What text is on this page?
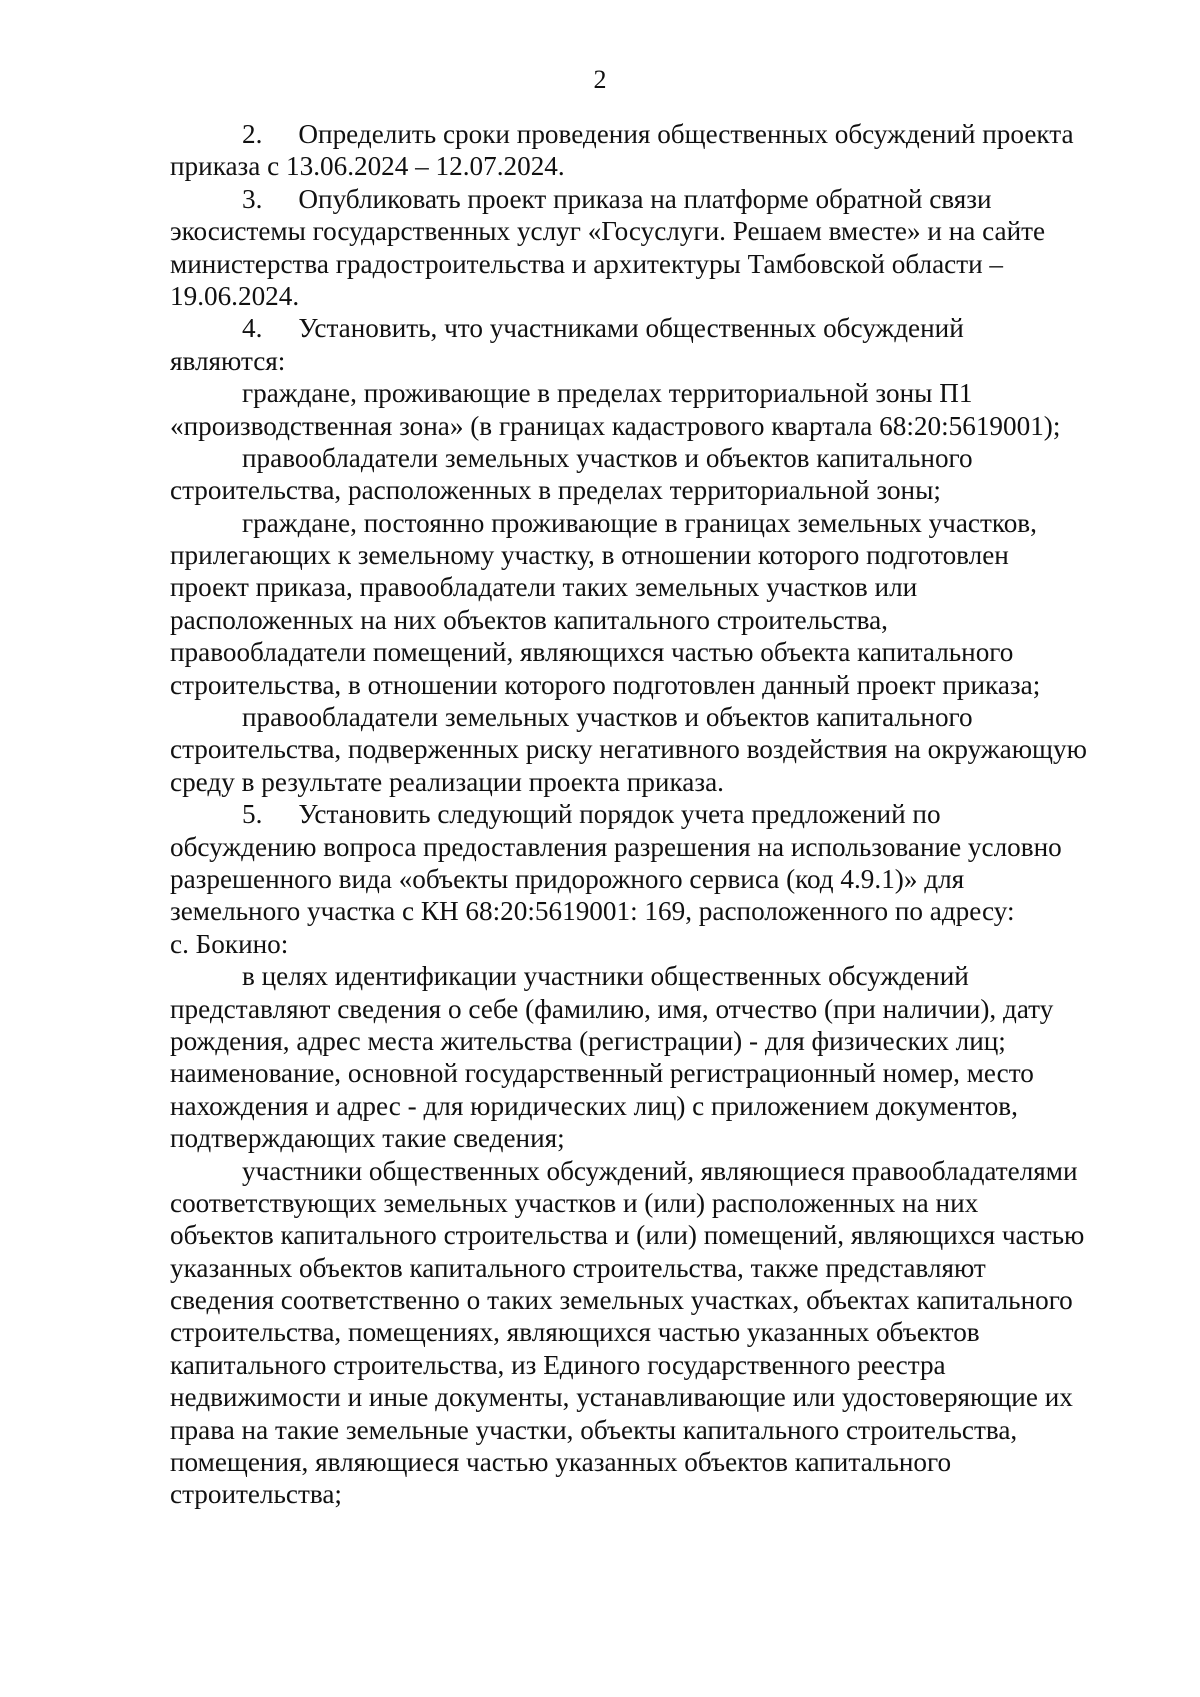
2
2. Определить сроки проведения общественных обсуждений проекта
приказа с 13.06.2024 – 12.07.2024.
3. Опубликовать проект приказа на платформе обратной связи
экосистемы государственных услуг «Госуслуги. Решаем вместе» и на сайте
министерства градостроительства и архитектуры Тамбовской области –
19.06.2024.
4. Установить, что участниками общественных обсуждений
являются:
граждане, проживающие в пределах территориальной зоны П1
«производственная зона» (в границах кадастрового квартала 68:20:5619001);
правообладатели земельных участков и объектов капитального
строительства, расположенных в пределах территориальной зоны;
граждане, постоянно проживающие в границах земельных участков,
прилегающих к земельному участку, в отношении которого подготовлен
проект приказа, правообладатели таких земельных участков или
расположенных на них объектов капитального строительства,
правообладатели помещений, являющихся частью объекта капитального
строительства, в отношении которого подготовлен данный проект приказа;
правообладатели земельных участков и объектов капитального
строительства, подверженных риску негативного воздействия на окружающую
среду в результате реализации проекта приказа.
5. Установить следующий порядок учета предложений по
обсуждению вопроса предоставления разрешения на использование условно
разрешенного вида «объекты придорожного сервиса (код 4.9.1)» для
земельного участка с КН 68:20:5619001: 169, расположенного по адресу:
с. Бокино:
в целях идентификации участники общественных обсуждений
представляют сведения о себе (фамилию, имя, отчество (при наличии), дату
рождения, адрес места жительства (регистрации) - для физических лиц;
наименование, основной государственный регистрационный номер, место
нахождения и адрес - для юридических лиц) с приложением документов,
подтверждающих такие сведения;
участники общественных обсуждений, являющиеся правообладателями
соответствующих земельных участков и (или) расположенных на них
объектов капитального строительства и (или) помещений, являющихся частью
указанных объектов капитального строительства, также представляют
сведения соответственно о таких земельных участках, объектах капитального
строительства, помещениях, являющихся частью указанных объектов
капитального строительства, из Единого государственного реестра
недвижимости и иные документы, устанавливающие или удостоверяющие их
права на такие земельные участки, объекты капитального строительства,
помещения, являющиеся частью указанных объектов капитального
строительства;
